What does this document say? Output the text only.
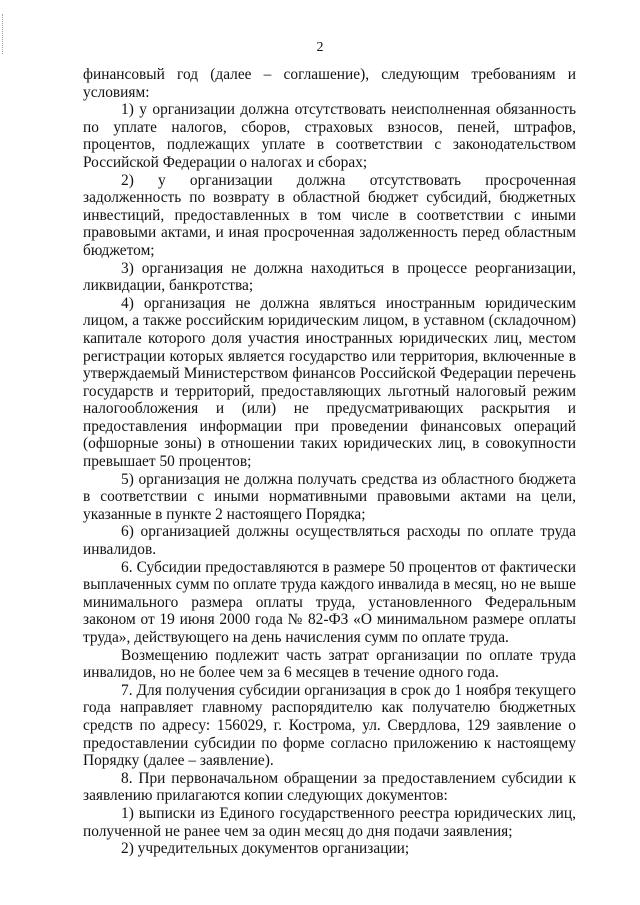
2

финансовый год (далее – соглашение), следующим требованиям и условиям:

1) у организации должна отсутствовать неисполненная обязанность по уплате налогов, сборов, страховых взносов, пеней, штрафов, процентов, подлежащих уплате в соответствии с законодательством Российской Федерации о налогах и сборах;

2) у организации должна отсутствовать просроченная задолженность по возврату в областной бюджет субсидий, бюджетных инвестиций, предоставленных в том числе в соответствии с иными правовыми актами, и иная просроченная задолженность перед областным бюджетом;

3) организация не должна находиться в процессе реорганизации, ликвидации, банкротства;

4) организация не должна являться иностранным юридическим лицом, а также российским юридическим лицом, в уставном (складочном) капитале которого доля участия иностранных юридических лиц, местом регистрации которых является государство или территория, включенные в утверждаемый Министерством финансов Российской Федерации перечень государств и территорий, предоставляющих льготный налоговый режим налогообложения и (или) не предусматривающих раскрытия и предоставления информации при проведении финансовых операций (офшорные зоны) в отношении таких юридических лиц, в совокупности превышает 50 процентов;

5) организация не должна получать средства из областного бюджета в соответствии с иными нормативными правовыми актами на цели, указанные в пункте 2 настоящего Порядка;

6) организацией должны осуществляться расходы по оплате труда инвалидов.

6. Субсидии предоставляются в размере 50 процентов от фактически выплаченных сумм по оплате труда каждого инвалида в месяц, но не выше минимального размера оплаты труда, установленного Федеральным законом от 19 июня 2000 года № 82-ФЗ «О минимальном размере оплаты труда», действующего на день начисления сумм по оплате труда.

Возмещению подлежит часть затрат организации по оплате труда инвалидов, но не более чем за 6 месяцев в течение одного года.

7. Для получения субсидии организация в срок до 1 ноября текущего года направляет главному распорядителю как получателю бюджетных средств по адресу: 156029, г. Кострома, ул. Свердлова, 129 заявление о предоставлении субсидии по форме согласно приложению к настоящему Порядку (далее – заявление).

8. При первоначальном обращении за предоставлением субсидии к заявлению прилагаются копии следующих документов:

1) выписки из Единого государственного реестра юридических лиц, полученной не ранее чем за один месяц до дня подачи заявления;

2) учредительных документов организации;
